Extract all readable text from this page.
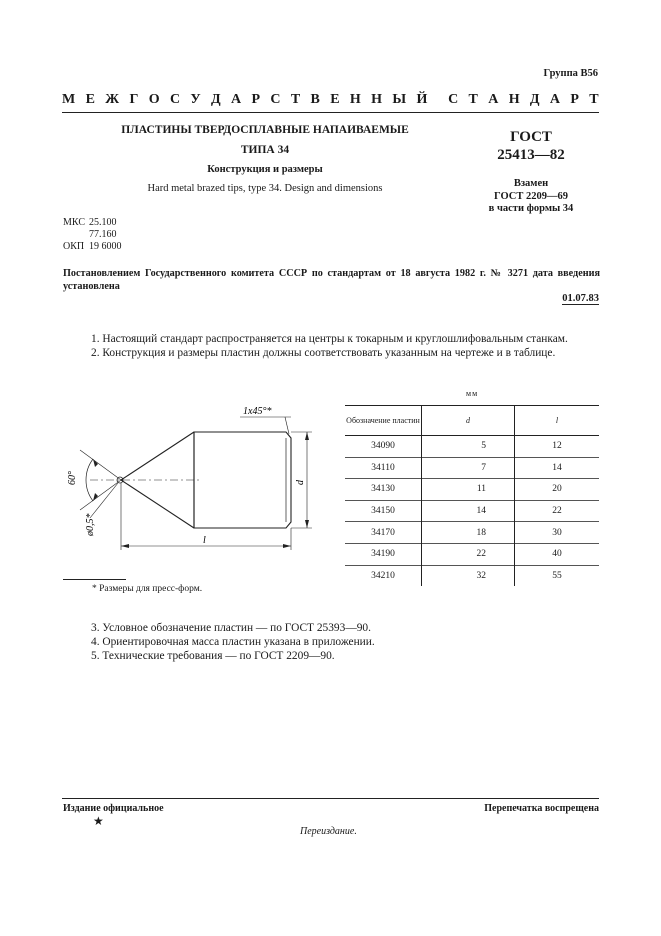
Группа В56
М Е Ж Г О С У Д А Р С Т В Е Н Н Ы Й С Т А Н Д А Р Т
ПЛАСТИНЫ ТВЕРДОСПЛАВНЫЕ НАПАИВАЕМЫЕ
ТИПА 34
Конструкция и размеры
Hard metal brazed tips, type 34. Design and dimensions
ГОСТ
25413—82
Взамен
ГОСТ 2209—69
в части формы 34
МКС	25.100
	77.160
ОКП	19 6000
Постановлением Государственного комитета СССР по стандартам от 18 августа 1982 г. № 3271 дата введения установлена
01.07.83
1. Настоящий стандарт распространяется на центры к токарным и круглошлифовальным станкам.
2. Конструкция и размеры пластин должны соответствовать указанным на чертеже и в таблице.
1x45°*
60°
ø0,5*
d
l
мм
Обозначение пластин	d	l
34090	5	12
34110	7	14
34130	11	20
34150	14	22
34170	18	30
34190	22	40
34210	32	55
* Размеры для пресс-форм.
3. Условное обозначение пластин — по ГОСТ 25393—90.
4. Ориентировочная масса пластин указана в приложении.
5. Технические требования — по ГОСТ 2209—90.
Издание официальное	Перепечатка воспрещена
★
Переиздание.
